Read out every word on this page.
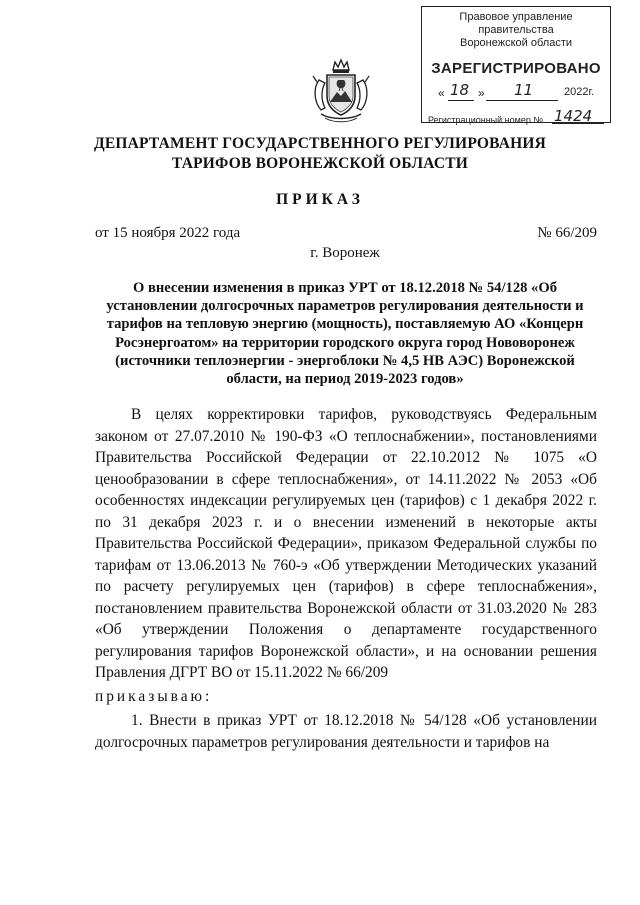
Правовое управление правительства
Воронежской области
ЗАРЕГИСТРИРОВАНО
« 18 » 11	2022г.
Регистрационный номер № 1424
ДЕПАРТАМЕНТ ГОСУДАРСТВЕННОГО РЕГУЛИРОВАНИЯ ТАРИФОВ ВОРОНЕЖСКОЙ ОБЛАСТИ
ПРИКАЗ
от 15 ноября 2022 года	№ 66/209
г. Воронеж
О внесении изменения в приказ УРТ от 18.12.2018 № 54/128 «Об установлении долгосрочных параметров регулирования деятельности и тарифов на тепловую энергию (мощность), поставляемую АО «Концерн Росэнергоатом» на территории городского округа город Нововоронеж (источники теплоэнергии - энергоблоки № 4,5 НВ АЭС) Воронежской области, на период 2019-2023 годов»

В целях корректировки тарифов, руководствуясь Федеральным законом от 27.07.2010 № 190-ФЗ «О теплоснабжении», постановлениями Правительства Российской Федерации от 22.10.2012 № 1075 «О ценообразовании в сфере теплоснабжения», от 14.11.2022 № 2053 «Об особенностях индексации регулируемых цен (тарифов) с 1 декабря 2022 г. по 31 декабря 2023 г. и о внесении изменений в некоторые акты Правительства Российской Федерации», приказом Федеральной службы по тарифам от 13.06.2013 № 760-э «Об утверждении Методических указаний по расчету регулируемых цен (тарифов) в сфере теплоснабжения», постановлением правительства Воронежской области от 31.03.2020 № 283 «Об утверждении Положения о департаменте государственного регулирования тарифов Воронежской области», и на основании решения Правления ДГРТ ВО от 15.11.2022 № 66/209

приказываю:

1. Внести в приказ УРТ от 18.12.2018 № 54/128 «Об установлении долгосрочных параметров регулирования деятельности и тарифов на
